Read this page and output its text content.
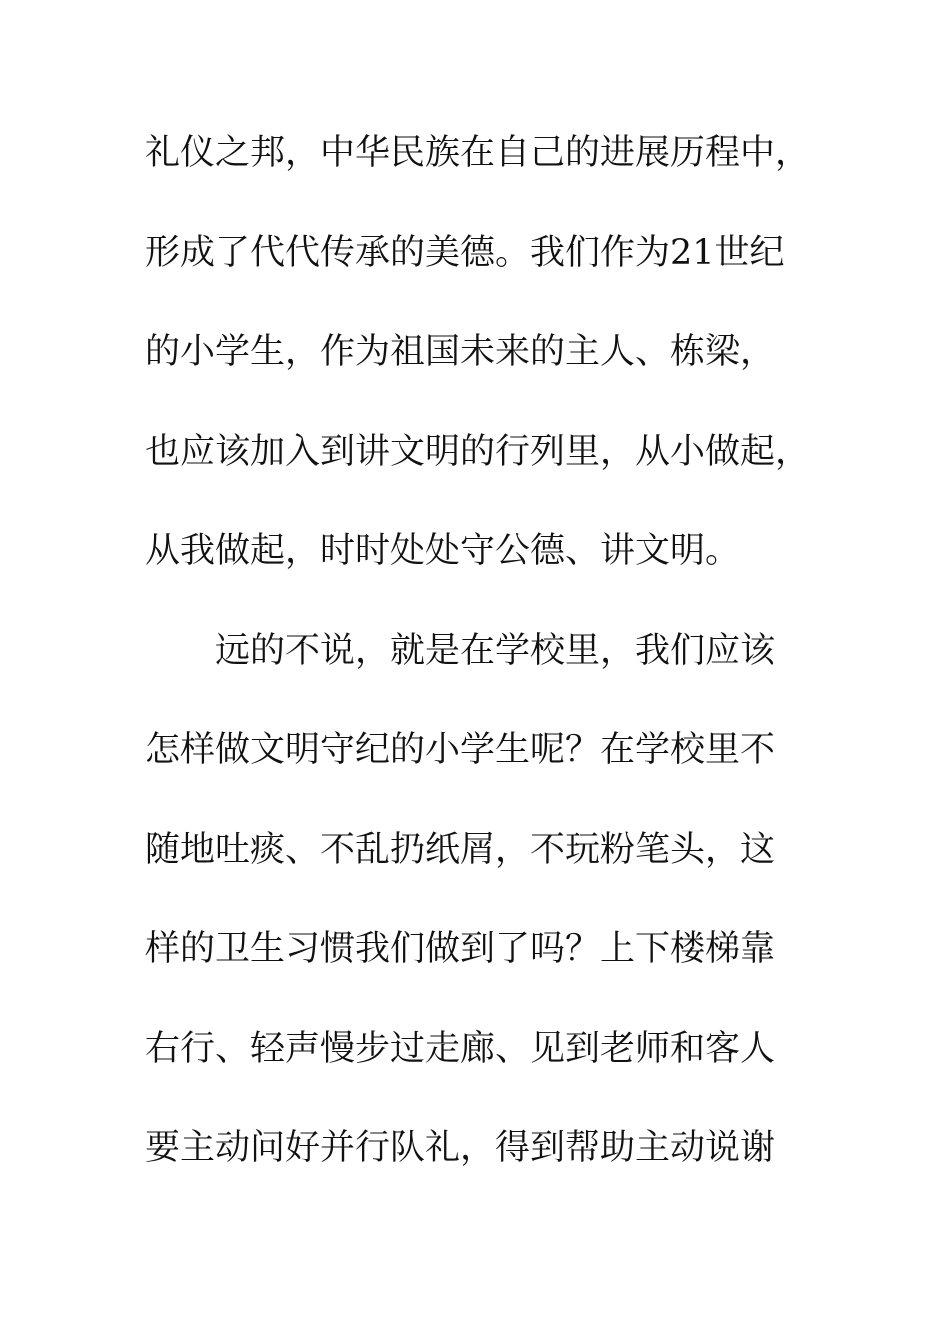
礼仪之邦，中华民族在自己的进展历程中，
形成了代代传承的美德。我们作为21世纪
的小学生，作为祖国未来的主人、栋梁，
也应该加入到讲文明的行列里，从小做起，
从我做起，时时处处守公德、讲文明。
远的不说，就是在学校里，我们应该
怎样做文明守纪的小学生呢？在学校里不
随地吐痰、不乱扔纸屑，不玩粉笔头，这
样的卫生习惯我们做到了吗？上下楼梯靠
右行、轻声慢步过走廊、见到老师和客人
要主动问好并行队礼，得到帮助主动说谢
